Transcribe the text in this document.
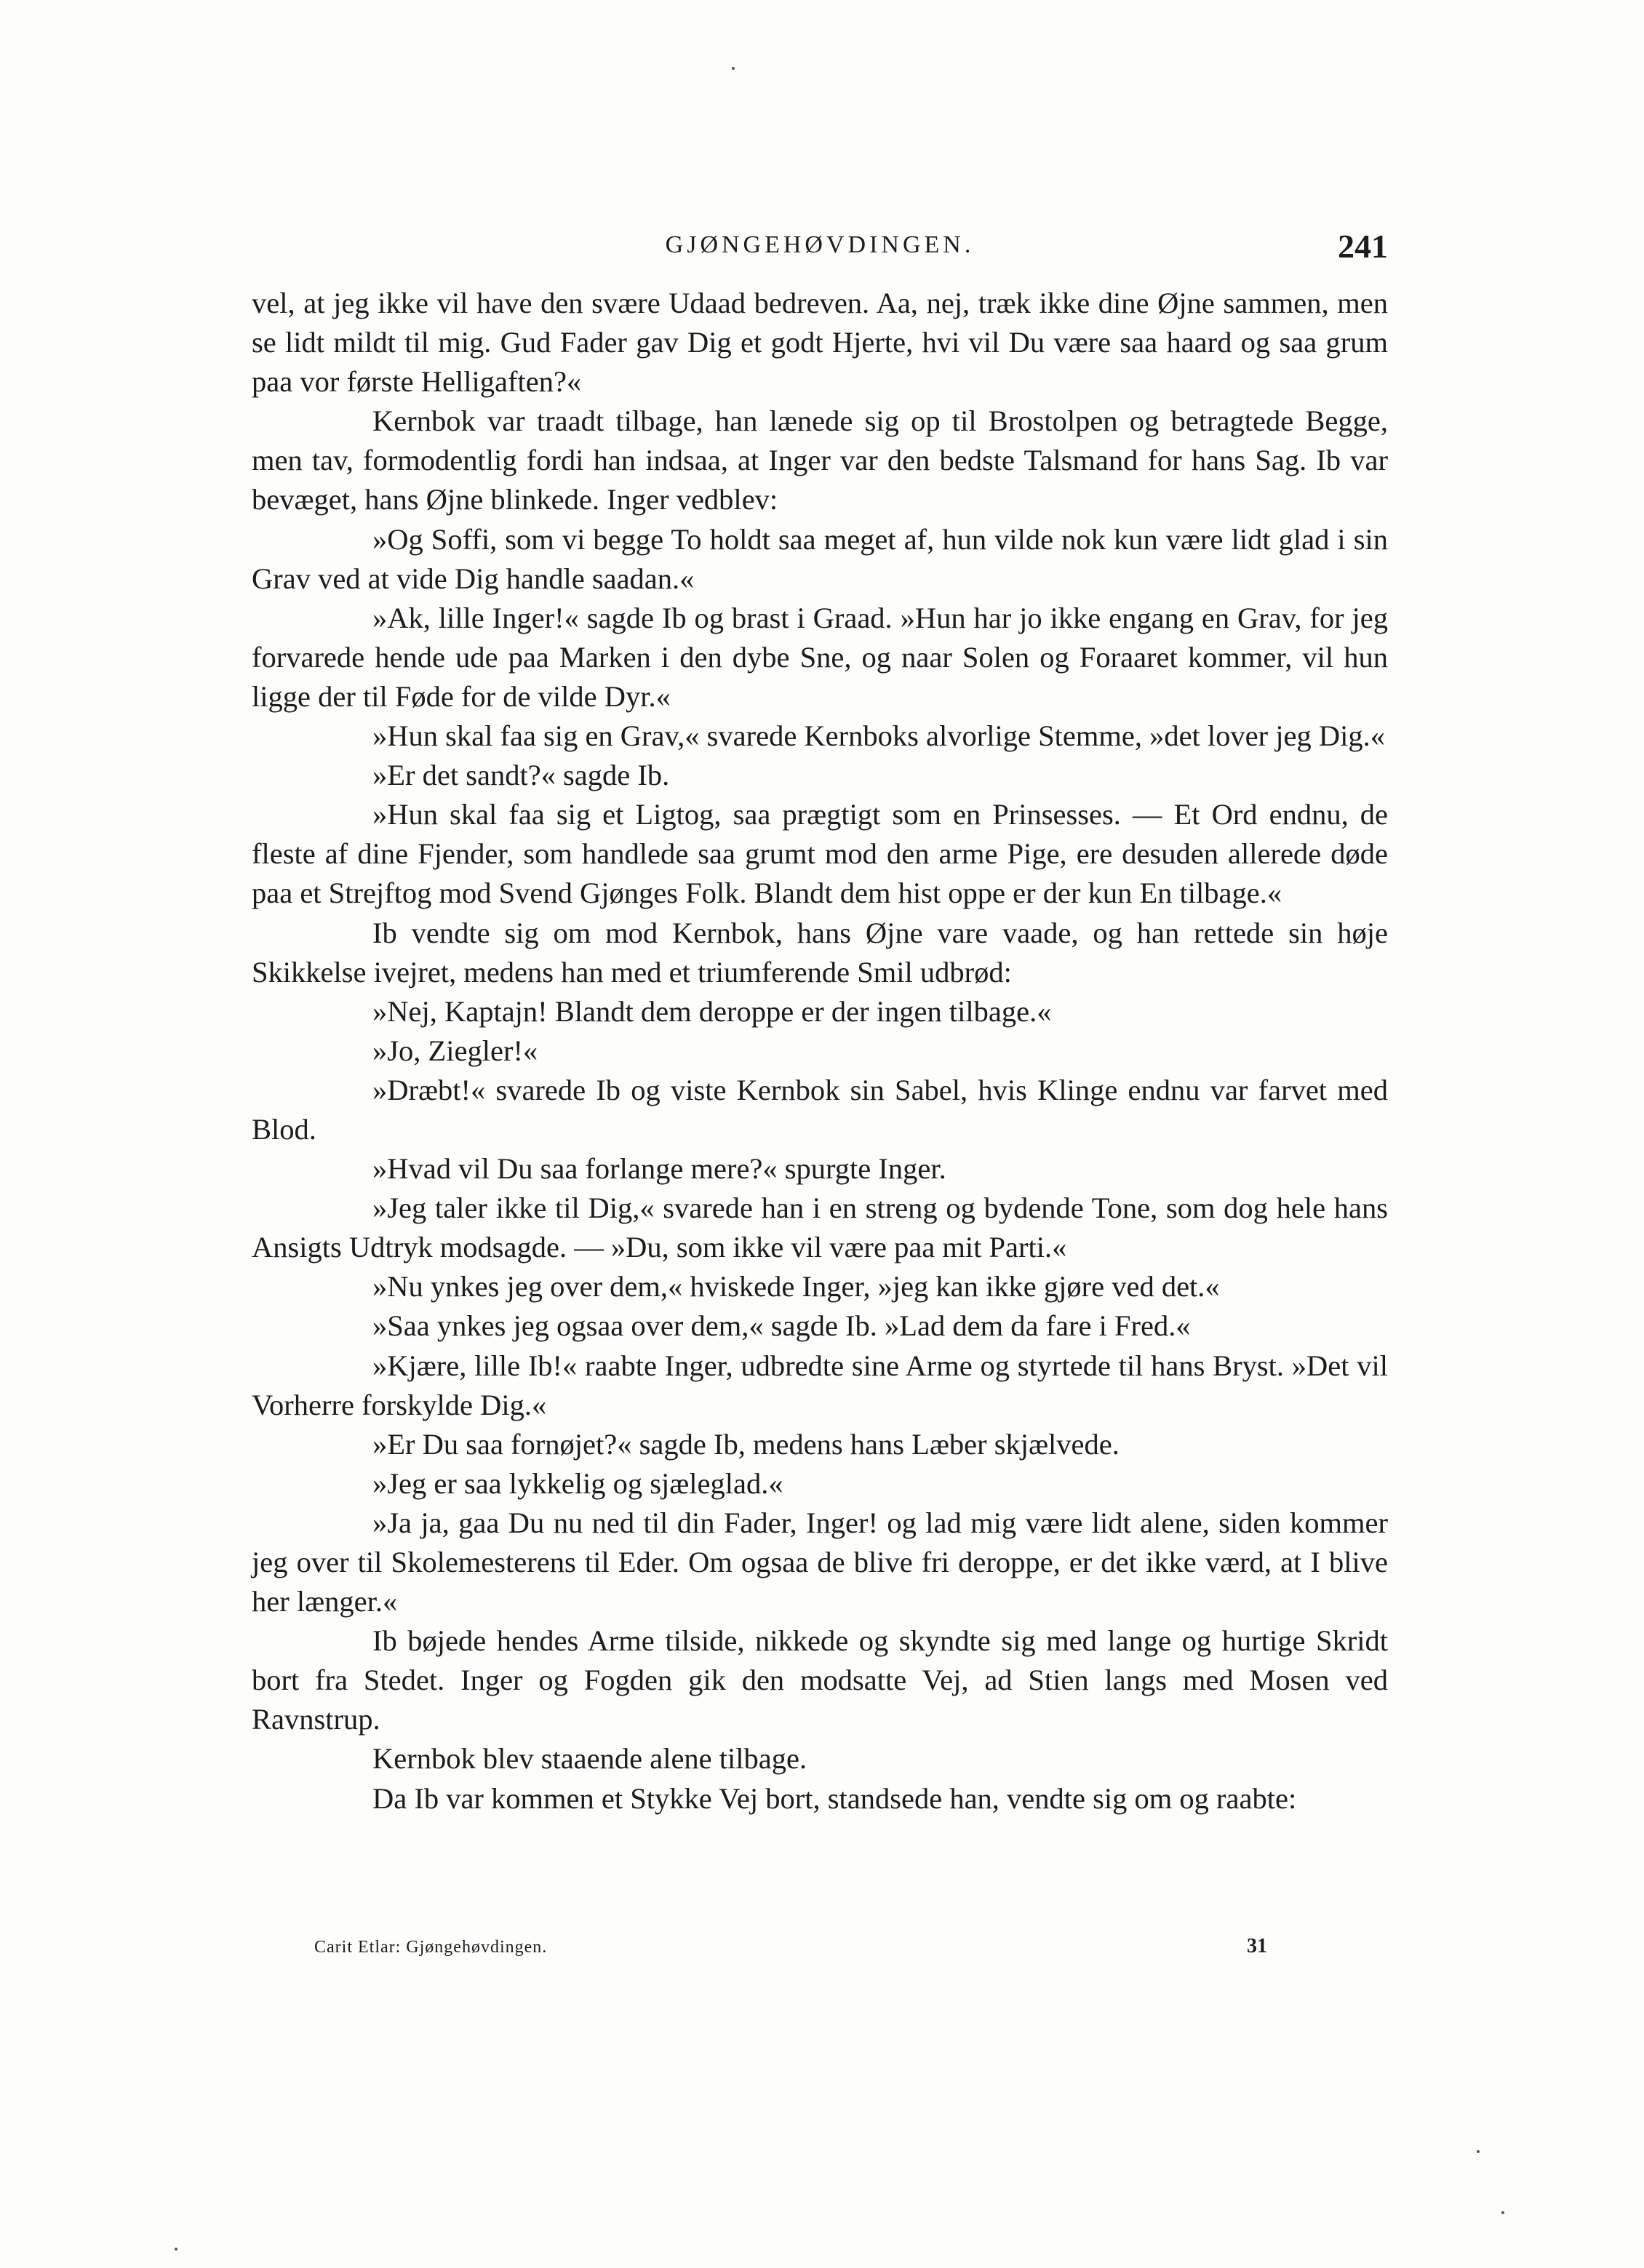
GJØNGEHØVDINGEN.	241

vel, at jeg ikke vil have den svære Udaad bedreven. Aa, nej, træk ikke dine Øjne sammen, men se lidt mildt til mig. Gud Fader gav Dig et godt Hjerte, hvi vil Du være saa haard og saa grum paa vor første Helligaften?«

Kernbok var traadt tilbage, han lænede sig op til Brostolpen og betragtede Begge, men tav, formodentlig fordi han indsaa, at Inger var den bedste Talsmand for hans Sag. Ib var bevæget, hans Øjne blinkede. Inger vedblev:

»Og Soffi, som vi begge To holdt saa meget af, hun vilde nok kun være lidt glad i sin Grav ved at vide Dig handle saadan.«

»Ak, lille Inger!« sagde Ib og brast i Graad. »Hun har jo ikke engang en Grav, for jeg forvarede hende ude paa Marken i den dybe Sne, og naar Solen og Foraaret kommer, vil hun ligge der til Føde for de vilde Dyr.«

»Hun skal faa sig en Grav,« svarede Kernboks alvorlige Stemme, »det lover jeg Dig.«

»Er det sandt?« sagde Ib.

»Hun skal faa sig et Ligtog, saa prægtigt som en Prinsesses. — Et Ord endnu, de fleste af dine Fjender, som handlede saa grumt mod den arme Pige, ere desuden allerede døde paa et Strejftog mod Svend Gjønges Folk. Blandt dem hist oppe er der kun En tilbage.«

Ib vendte sig om mod Kernbok, hans Øjne vare vaade, og han rettede sin høje Skikkelse ivejret, medens han med et triumferende Smil udbrød:

»Nej, Kaptajn! Blandt dem deroppe er der ingen tilbage.«

»Jo, Ziegler!«

»Dræbt!« svarede Ib og viste Kernbok sin Sabel, hvis Klinge endnu var farvet med Blod.

»Hvad vil Du saa forlange mere?« spurgte Inger.

»Jeg taler ikke til Dig,« svarede han i en streng og bydende Tone, som dog hele hans Ansigts Udtryk modsagde. — »Du, som ikke vil være paa mit Parti.«

»Nu ynkes jeg over dem,« hviskede Inger, »jeg kan ikke gjøre ved det.«

»Saa ynkes jeg ogsaa over dem,« sagde Ib. »Lad dem da fare i Fred.«

»Kjære, lille Ib!« raabte Inger, udbredte sine Arme og styrtede til hans Bryst. »Det vil Vorherre forskylde Dig.«

»Er Du saa fornøjet?« sagde Ib, medens hans Læber skjælvede.

»Jeg er saa lykkelig og sjæleglad.«

»Ja ja, gaa Du nu ned til din Fader, Inger! og lad mig være lidt alene, siden kommer jeg over til Skolemesterens til Eder. Om ogsaa de blive fri deroppe, er det ikke værd, at I blive her længer.«

Ib bøjede hendes Arme tilside, nikkede og skyndte sig med lange og hurtige Skridt bort fra Stedet. Inger og Fogden gik den modsatte Vej, ad Stien langs med Mosen ved Ravnstrup.

Kernbok blev staaende alene tilbage.

Da Ib var kommen et Stykke Vej bort, standsede han, vendte sig om og raabte:

Carit Etlar: Gjøngehøvdingen.	31
